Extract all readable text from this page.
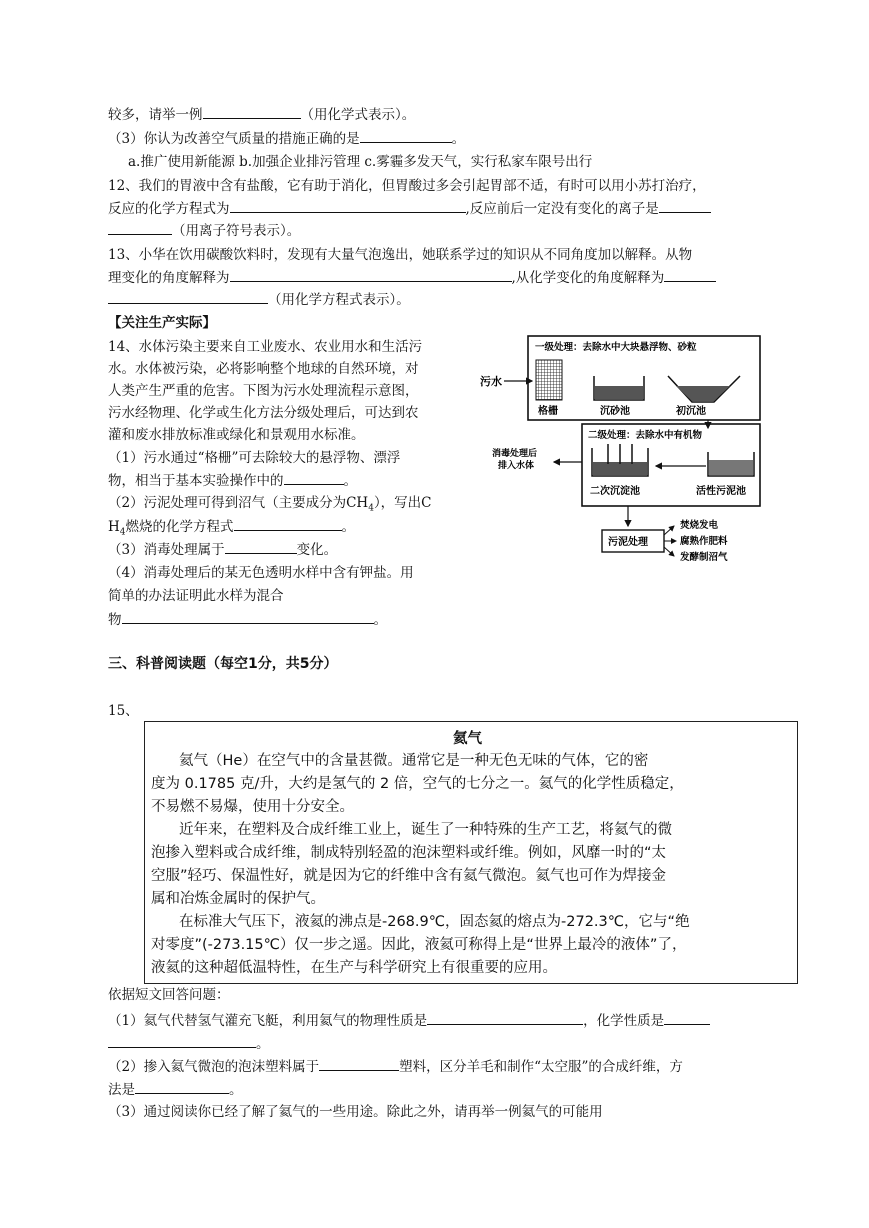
较多，请举一例	（用化学式表示）。
（3）你认为改善空气质量的措施正确的是	。
a.推广使用新能源 b.加强企业排污管理 c.雾霾多发天气，实行私家车限号出行
12、我们的胃液中含有盐酸，它有助于消化，但胃酸过多会引起胃部不适，有时可以用小苏打治疗，
反应的化学方程式为	,反应前后一定没有变化的离子是
（用离子符号表示）。
13、小华在饮用碳酸饮料时，发现有大量气泡逸出，她联系学过的知识从不同角度加以解释。从物
理变化的角度解释为	,从化学变化的角度解释为
（用化学方程式表示）。
【关注生产实际】
14、水体污染主要来自工业废水、农业用水和生活污
水。水体被污染，必将影响整个地球的自然环境，对
人类产生严重的危害。下图为污水处理流程示意图，
污水经物理、化学或生化方法分级处理后，可达到农
灌和废水排放标准或绿化和景观用水标准。
（1）污水通过“格栅”可去除较大的悬浮物、漂浮
物，相当于基本实验操作中的	。
（2）污泥处理可得到沼气（主要成分为$CH_4$），写出C
$H_4$燃烧的化学方程式	。
（3）消毒处理属于	变化。
（4）消毒处理后的某无色透明水样中含有钾盐。用
简单的办法证明此水样为混合
物	。
一级处理：去除水中大块悬浮物、砂粒
污水
格栅	沉砂池	初沉池
二级处理：去除水中有机物
消毒处理后
排入水体
二次沉淀池	活性污泥池
污泥处理
焚烧发电
腐熟作肥料
发酵制沼气
三、科普阅读题（每空1分，共5分）
15、
氦气
氦气（He）在空气中的含量甚微。通常它是一种无色无味的气体，它的密
度为 0.1785 克/升，大约是氢气的 2 倍，空气的七分之一。氦气的化学性质稳定，
不易燃不易爆，使用十分安全。
近年来，在塑料及合成纤维工业上，诞生了一种特殊的生产工艺，将氦气的微
泡掺入塑料或合成纤维，制成特别轻盈的泡沫塑料或纤维。例如，风靡一时的“太
空服”轻巧、保温性好，就是因为它的纤维中含有氦气微泡。氦气也可作为焊接金
属和冶炼金属时的保护气。
在标准大气压下，液氦的沸点是-268.9℃，固态氦的熔点为-272.3℃，它与“绝
对零度”(-273.15℃）仅一步之遥。因此，液氦可称得上是“世界上最冷的液体”了，
液氦的这种超低温特性，在生产与科学研究上有很重要的应用。
依据短文回答问题：
（1）氦气代替氢气灌充飞艇，利用氦气的物理性质是	，化学性质是
。
（2）掺入氦气微泡的泡沫塑料属于	塑料，区分羊毛和制作“太空服”的合成纤维，方
法是	。
（3）通过阅读你已经了解了氦气的一些用途。除此之外，请再举一例氦气的可能用
